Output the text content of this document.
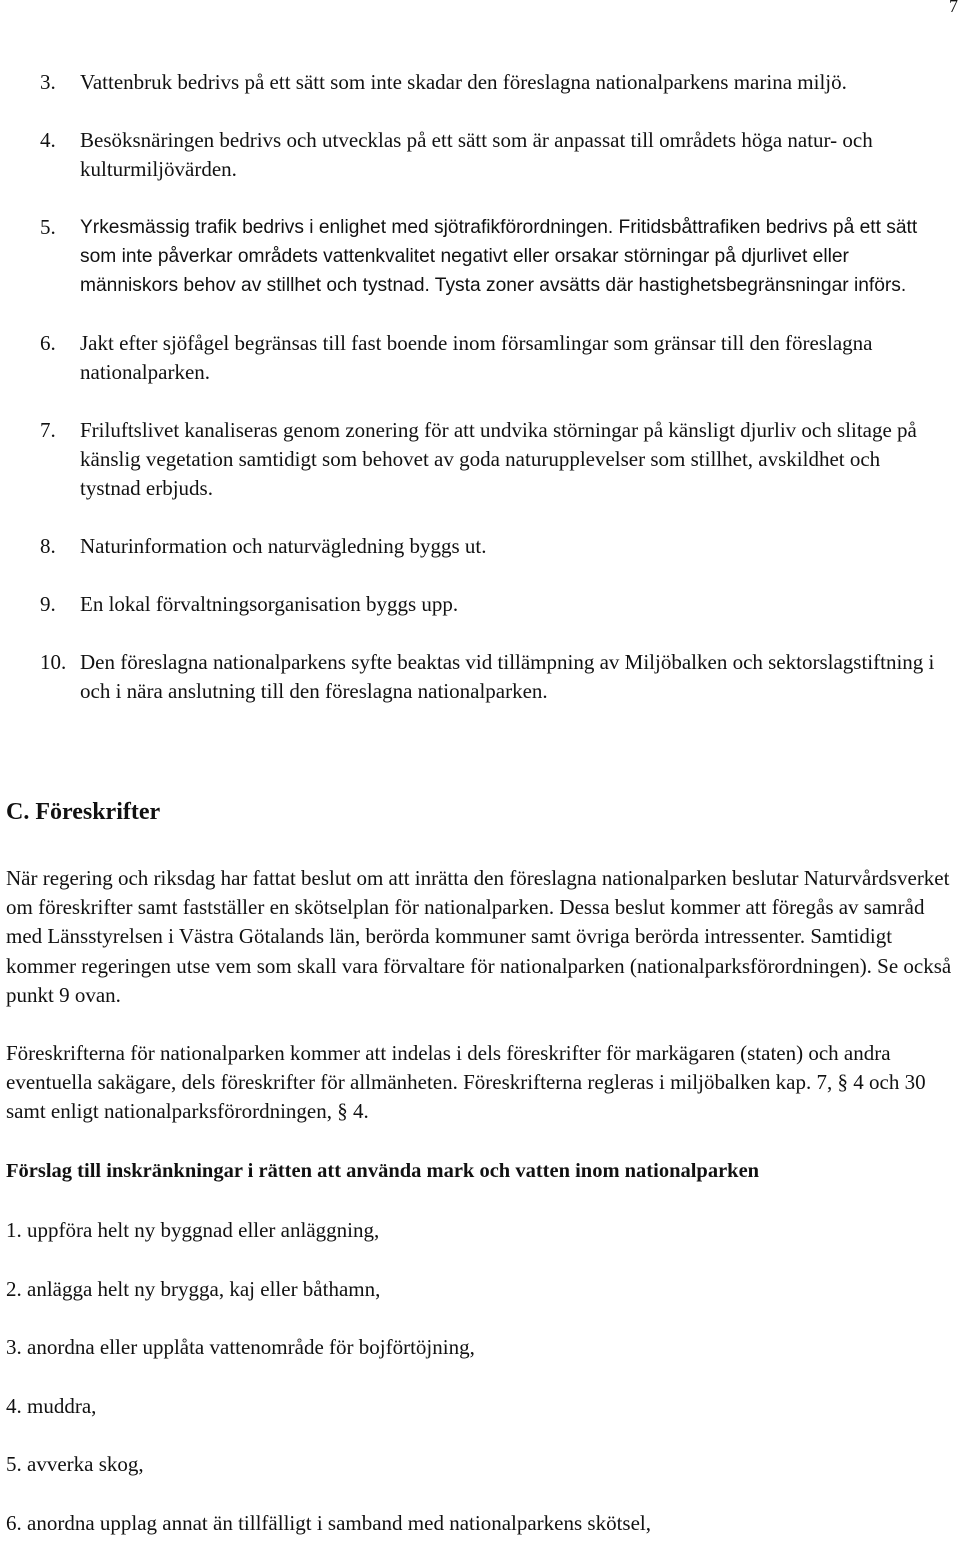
7
3.	Vattenbruk bedrivs på ett sätt som inte skadar den föreslagna nationalparkens marina miljö.
4.	Besöksnäringen bedrivs och utvecklas på ett sätt som är anpassat till områdets höga natur- och kulturmiljövärden.
5.	Yrkesmässig trafik bedrivs i enlighet med sjötrafikförordningen. Fritidsbåttrafiken bedrivs på ett sätt som inte påverkar områdets vattenkvalitet negativt eller orsakar störningar på djurlivet eller människors behov av stillhet och tystnad. Tysta zoner avsätts där hastighetsbegränsningar införs.
6.	Jakt efter sjöfågel begränsas till fast boende inom församlingar som gränsar till den föreslagna nationalparken.
7.	Friluftslivet kanaliseras genom zonering för att undvika störningar på känsligt djurliv och slitage på känslig vegetation samtidigt som behovet av goda naturupplevelser som stillhet, avskildhet och tystnad erbjuds.
8.	Naturinformation och naturvägledning byggs ut.
9.	En lokal förvaltningsorganisation byggs upp.
10. Den föreslagna nationalparkens syfte beaktas vid tillämpning av Miljöbalken och sektorslagstiftning i och i nära anslutning till den föreslagna nationalparken.
C. Föreskrifter

När regering och riksdag har fattat beslut om att inrätta den föreslagna nationalparken beslutar Naturvårdsverket om föreskrifter samt fastställer en skötselplan för nationalparken. Dessa beslut kommer att föregås av samråd med Länsstyrelsen i Västra Götalands län, berörda kommuner samt övriga berörda intressenter. Samtidigt kommer regeringen utse vem som skall vara förvaltare för nationalparken (nationalparksförordningen). Se också punkt 9 ovan.

Föreskrifterna för nationalparken kommer att indelas i dels föreskrifter för markägaren (staten) och andra eventuella sakägare, dels föreskrifter för allmänheten. Föreskrifterna regleras i miljöbalken kap. 7, § 4 och 30 samt enligt nationalparksförordningen, § 4.

Förslag till inskränkningar i rätten att använda mark och vatten inom nationalparken
1. uppföra helt ny byggnad eller anläggning,
2. anlägga helt ny brygga, kaj eller båthamn,
3. anordna eller upplåta vattenområde för bojförtöjning,
4. muddra,
5. avverka skog,
6. anordna upplag annat än tillfälligt i samband med nationalparkens skötsel,
